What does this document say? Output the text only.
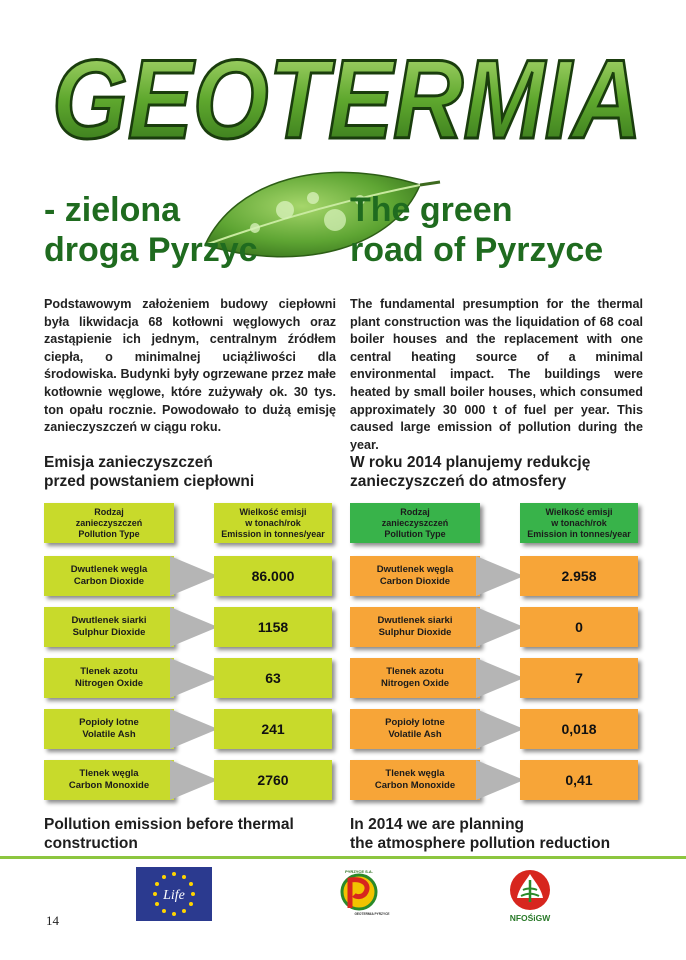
GEOTERMIA
- zielona
droga Pyrzyc
The green
road of Pyrzyce
Podstawowym założeniem budowy ciepłowni była likwidacja 68 kotłowni węglowych oraz zastąpienie ich jednym, centralnym źródłem ciepła, o minimalnej uciążliwości dla środowiska. Budynki były ogrzewane przez małe kotłownie węglowe, które zużywały ok. 30 tys. ton opału rocznie. Powodowało to dużą emisję zanieczyszczeń w ciągu roku.
The fundamental presumption for the thermal plant construction was the liquidation of 68 coal boiler houses and the replacement with one central heating source of a minimal environmental impact. The buildings were heated by small boiler houses, which consumed approximately 30 000 t of fuel per year. This caused large emission of pollution during the year.
Emisja zanieczyszczeń
przed powstaniem ciepłowni
W roku 2014 planujemy redukcję
zanieczyszczeń do atmosfery
Rodzaj
zanieczyszczeń
Pollution Type
Wielkość emisji
w tonach/rok
Emission in tonnes/year
Dwutlenek węgla
Carbon Dioxide	86.000
Dwutlenek siarki
Sulphur Dioxide	1158
Tlenek azotu
Nitrogen Oxide	63
Popioły lotne
Volatile Ash	241
Tlenek węgla
Carbon Monoxide	2760
Rodzaj
zanieczyszczeń
Pollution Type
Wielkość emisji
w tonach/rok
Emission in tonnes/year
Dwutlenek węgla
Carbon Dioxide	2.958
Dwutlenek siarki
Sulphur Dioxide	0
Tlenek azotu
Nitrogen Oxide	7
Popioły lotne
Volatile Ash	0,018
Tlenek węgla
Carbon Monoxide	0,41
Pollution emission before thermal
construction
In 2014 we are planning
the atmosphere pollution reduction
Life
PYRZYCE S.A.
GEOTERMIA PYRZYCE	NFOŚiGW
14
